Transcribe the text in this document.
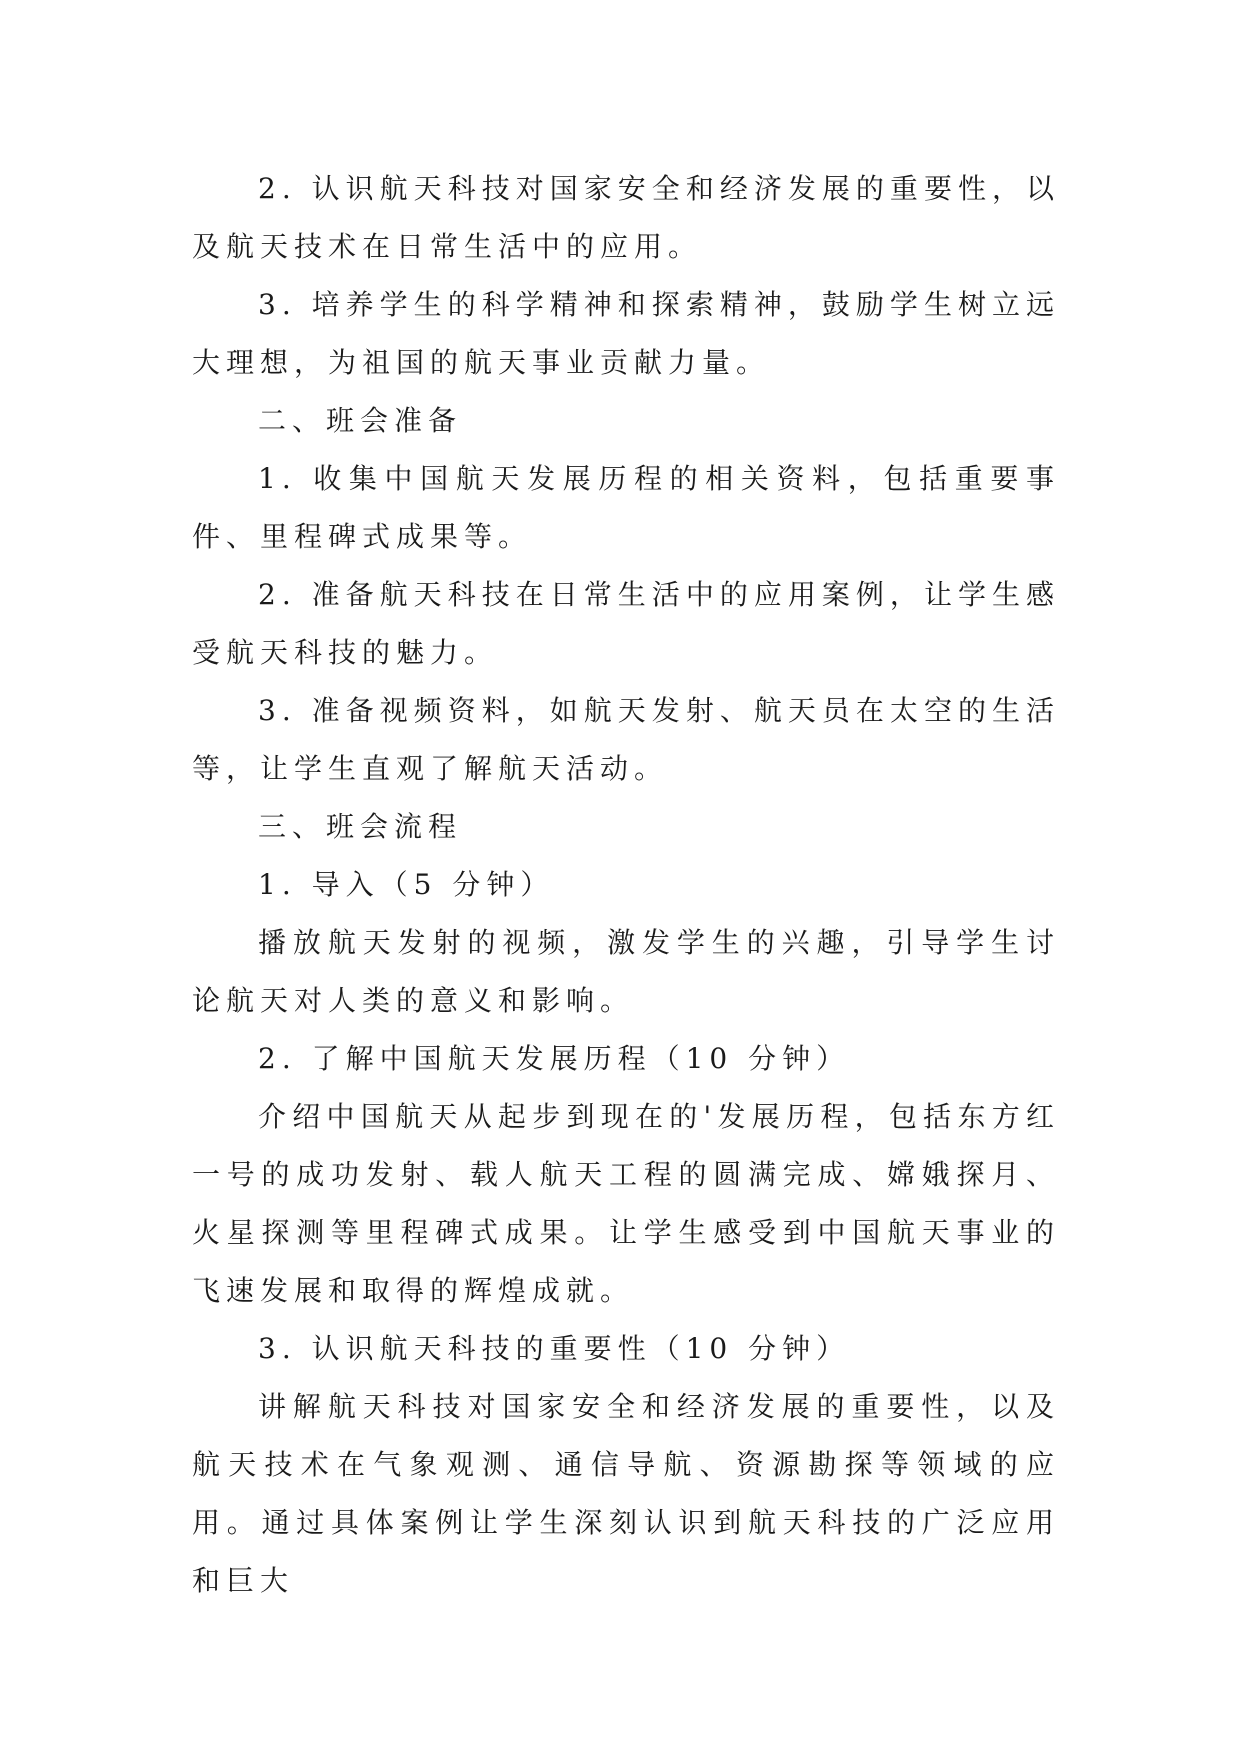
2. 认识航天科技对国家安全和经济发展的重要性，以及航天技术在日常生活中的应用。

3. 培养学生的科学精神和探索精神，鼓励学生树立远大理想，为祖国的航天事业贡献力量。

二、班会准备

1. 收集中国航天发展历程的相关资料，包括重要事件、里程碑式成果等。

2. 准备航天科技在日常生活中的应用案例，让学生感受航天科技的魅力。

3. 准备视频资料，如航天发射、航天员在太空的生活等，让学生直观了解航天活动。

三、班会流程

1. 导入（5 分钟）

播放航天发射的视频，激发学生的兴趣，引导学生讨论航天对人类的意义和影响。

2. 了解中国航天发展历程（10 分钟）

介绍中国航天从起步到现在的'发展历程，包括东方红一号的成功发射、载人航天工程的圆满完成、嫦娥探月、火星探测等里程碑式成果。让学生感受到中国航天事业的飞速发展和取得的辉煌成就。

3. 认识航天科技的重要性（10 分钟）

讲解航天科技对国家安全和经济发展的重要性，以及航天技术在气象观测、通信导航、资源勘探等领域的应用。通过具体案例让学生深刻认识到航天科技的广泛应用和巨大
